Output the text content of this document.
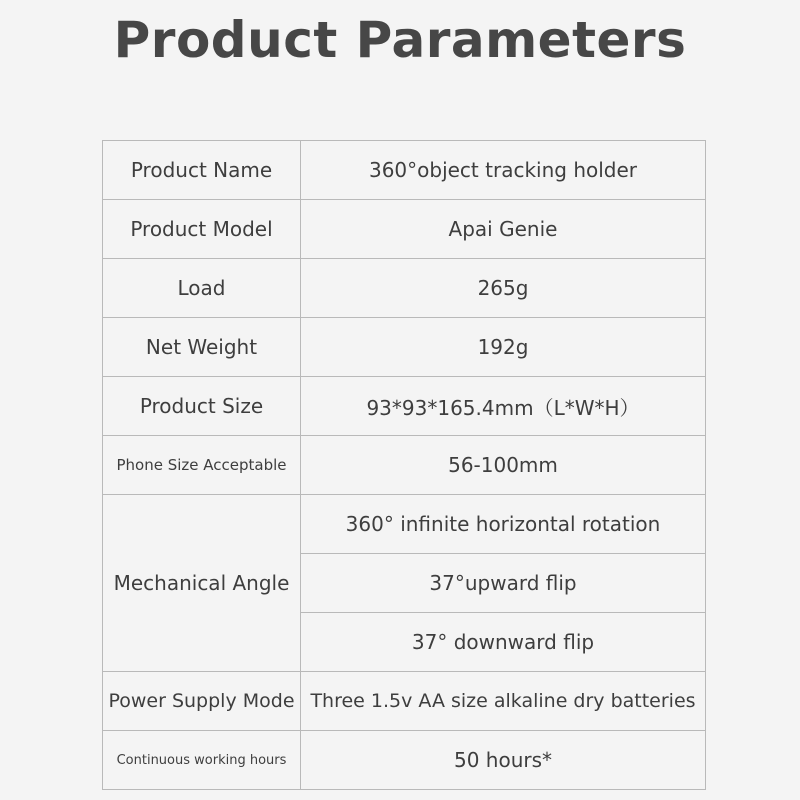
Product Parameters
Product Name	360°object tracking holder
Product Model	Apai Genie
Load	265g
Net Weight	192g
Product Size	93*93*165.4mm（L*W*H）
Phone Size Acceptable	56-100mm
Mechanical Angle	360° infinite horizontal rotation
	37°upward flip
	37° downward flip
Power Supply Mode	Three 1.5v AA size alkaline dry batteries
Continuous working hours	50 hours*
